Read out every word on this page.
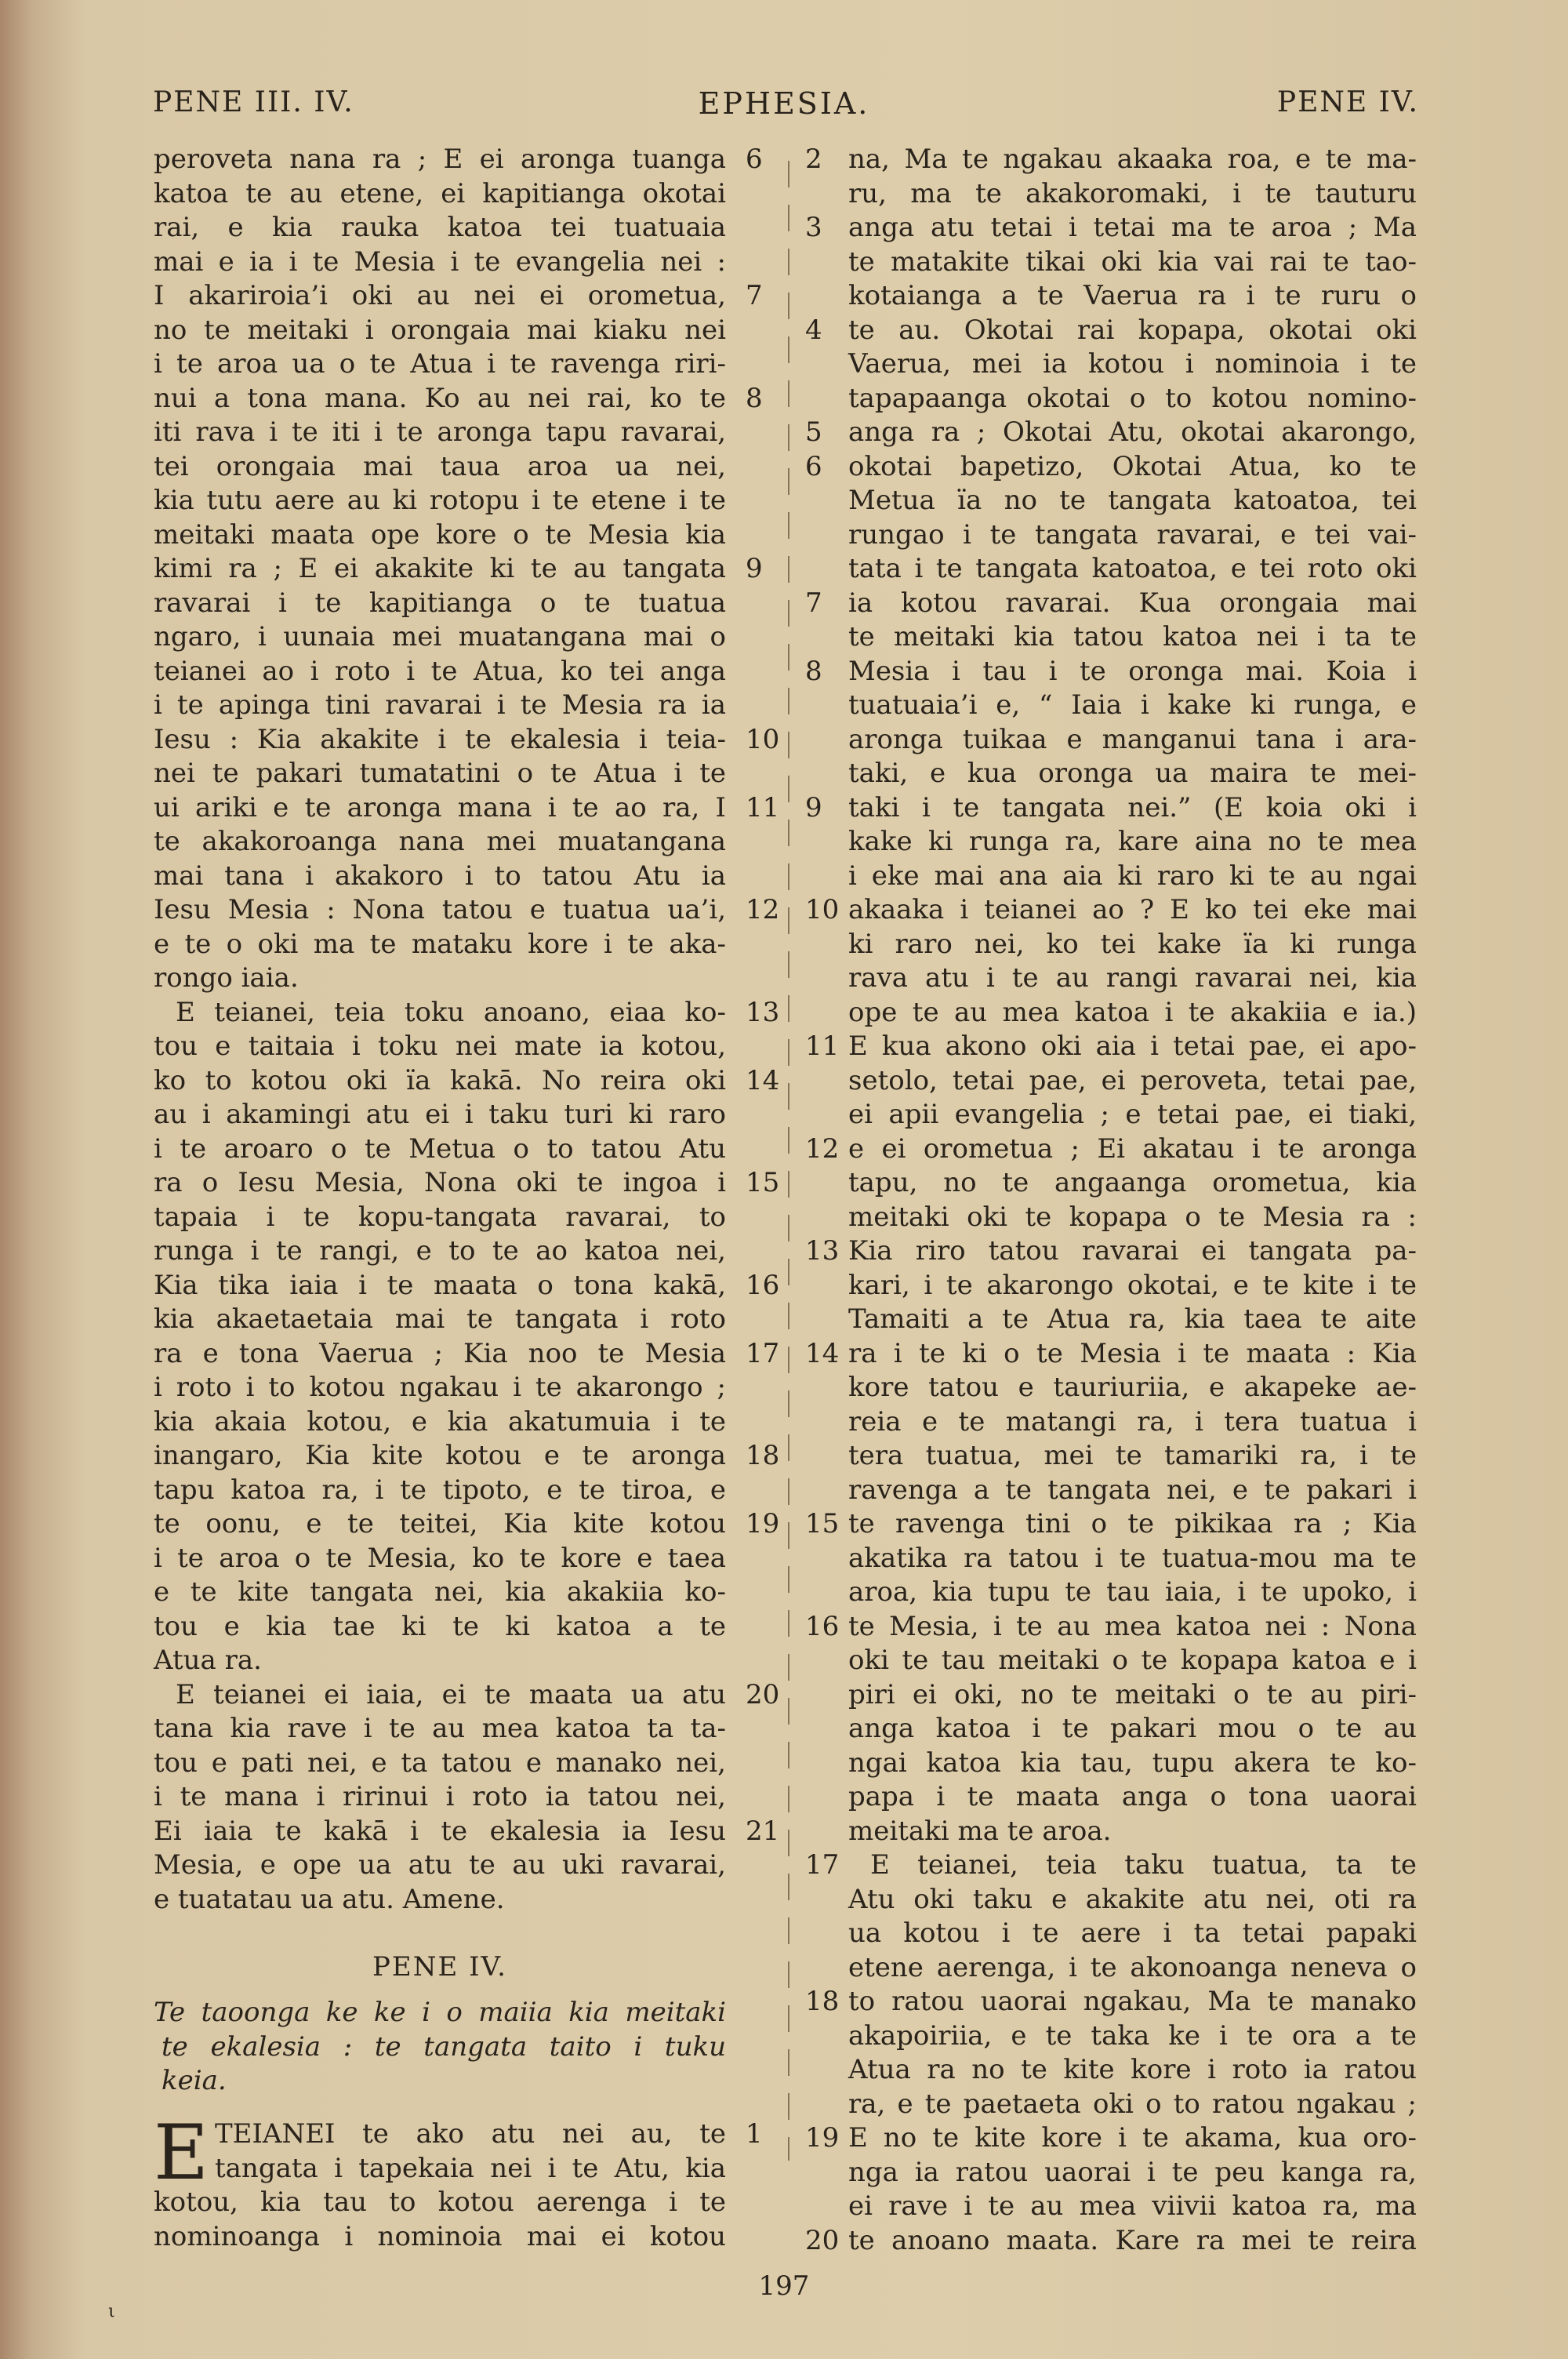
PENE III. IV.	EPHESIA.	PENE IV.
peroveta nana ra ; E ei aronga tuanga 6
katoa te au etene, ei kapitianga okotai
rai, e kia rauka katoa tei tuatuaia
mai e ia i te Mesia i te evangelia nei :
I akariroia’i oki au nei ei orometua, 7
no te meitaki i orongaia mai kiaku nei
i te aroa ua o te Atua i te ravenga riri-
nui a tona mana. Ko au nei rai, ko te 8
iti rava i te iti i te aronga tapu ravarai,
tei orongaia mai taua aroa ua nei,
kia tutu aere au ki rotopu i te etene i te
meitaki maata ope kore o te Mesia kia
kimi ra ; E ei akakite ki te au tangata 9
ravarai i te kapitianga o te tuatua
ngaro, i uunaia mei muatangana mai o
teianei ao i roto i te Atua, ko tei anga
i te apinga tini ravarai i te Mesia ra ia
Iesu : Kia akakite i te ekalesia i teia- 10
nei te pakari tumatatini o te Atua i te
ui ariki e te aronga mana i te ao ra, I 11
te akakoroanga nana mei muatangana
mai tana i akakoro i to tatou Atu ia
Iesu Mesia : Nona tatou e tuatua ua’i, 12
e te o oki ma te mataku kore i te aka-
rongo iaia.
E teianei, teia toku anoano, eiaa ko- 13
tou e taitaia i toku nei mate ia kotou,
ko to kotou oki ïa kakā. No reira oki 14
au i akamingi atu ei i taku turi ki raro
i te aroaro o te Metua o to tatou Atu
ra o Iesu Mesia, Nona oki te ingoa i 15
tapaia i te kopu-tangata ravarai, to
runga i te rangi, e to te ao katoa nei,
Kia tika iaia i te maata o tona kakā, 16
kia akaetaetaia mai te tangata i roto
ra e tona Vaerua ; Kia noo te Mesia 17
i roto i to kotou ngakau i te akarongo ;
kia akaia kotou, e kia akatumuia i te
inangaro, Kia kite kotou e te aronga 18
tapu katoa ra, i te tipoto, e te tiroa, e
te oonu, e te teitei, Kia kite kotou 19
i te aroa o te Mesia, ko te kore e taea
e te kite tangata nei, kia akakiia ko-
tou e kia tae ki te ki katoa a te
Atua ra.
E teianei ei iaia, ei te maata ua atu 20
tana kia rave i te au mea katoa ta ta-
tou e pati nei, e ta tatou e manako nei,
i te mana i ririnui i roto ia tatou nei,
Ei iaia te kakā i te ekalesia ia Iesu 21
Mesia, e ope ua atu te au uki ravarai,
e tuatatau ua atu. Amene.
PENE IV.
Te taoonga ke ke i o maiia kia meitaki
te ekalesia : te tangata taito i tuku
keia.
E TEIANEI te ako atu nei au, te 1
tangata i tapekaia nei i te Atu, kia
kotou, kia tau to kotou aerenga i te
nominoanga i nominoia mai ei kotou
na, Ma te ngakau akaaka roa, e te ma-
2
ru, ma te akakoromaki, i te tauturu
anga atu tetai i tetai ma te aroa ; Ma
3
te matakite tikai oki kia vai rai te tao-
kotaianga a te Vaerua ra i te ruru o
te au. Okotai rai kopapa, okotai oki
4
Vaerua, mei ia kotou i nominoia i te
tapapaanga okotai o to kotou nomino-
anga ra ; Okotai Atu, okotai akarongo,
5
okotai bapetizo, Okotai Atua, ko te
6
Metua ïa no te tangata katoatoa, tei
rungao i te tangata ravarai, e tei vai-
tata i te tangata katoatoa, e tei roto oki
ia kotou ravarai. Kua orongaia mai
7
te meitaki kia tatou katoa nei i ta te
Mesia i tau i te oronga mai. Koia i
8
tuatuaia’i e, “ Iaia i kake ki runga, e
aronga tuikaa e manganui tana i ara-
taki, e kua oronga ua maira te mei-
taki i te tangata nei.” (E koia oki i
9
kake ki runga ra, kare aina no te mea
i eke mai ana aia ki raro ki te au ngai
akaaka i teianei ao ? E ko tei eke mai
10
ki raro nei, ko tei kake ïa ki runga
rava atu i te au rangi ravarai nei, kia
ope te au mea katoa i te akakiia e ia.)
E kua akono oki aia i tetai pae, ei apo-
11
setolo, tetai pae, ei peroveta, tetai pae,
ei apii evangelia ; e tetai pae, ei tiaki,
e ei orometua ; Ei akatau i te aronga
12
tapu, no te angaanga orometua, kia
meitaki oki te kopapa o te Mesia ra :
Kia riro tatou ravarai ei tangata pa-
13
kari, i te akarongo okotai, e te kite i te
Tamaiti a te Atua ra, kia taea te aite
ra i te ki o te Mesia i te maata : Kia
14
kore tatou e tauriuriia, e akapeke ae-
reia e te matangi ra, i tera tuatua i
tera tuatua, mei te tamariki ra, i te
ravenga a te tangata nei, e te pakari i
te ravenga tini o te pikikaa ra ; Kia
15
akatika ra tatou i te tuatua-mou ma te
aroa, kia tupu te tau iaia, i te upoko, i
te Mesia, i te au mea katoa nei : Nona
16
oki te tau meitaki o te kopapa katoa e i
piri ei oki, no te meitaki o te au piri-
anga katoa i te pakari mou o te au
ngai katoa kia tau, tupu akera te ko-
papa i te maata anga o tona uaorai
meitaki ma te aroa.
E teianei, teia taku tuatua, ta te
17
Atu oki taku e akakite atu nei, oti ra
ua kotou i te aere i ta tetai papaki
etene aerenga, i te akonoanga neneva o
to ratou uaorai ngakau, Ma te manako
18
akapoiriia, e te taka ke i te ora a te
Atua ra no te kite kore i roto ia ratou
ra, e te paetaeta oki o to ratou ngakau ;
E no te kite kore i te akama, kua oro-
19
nga ia ratou uaorai i te peu kanga ra,
ei rave i te au mea viivii katoa ra, ma
te anoano maata. Kare ra mei te reira
20
197
ι
